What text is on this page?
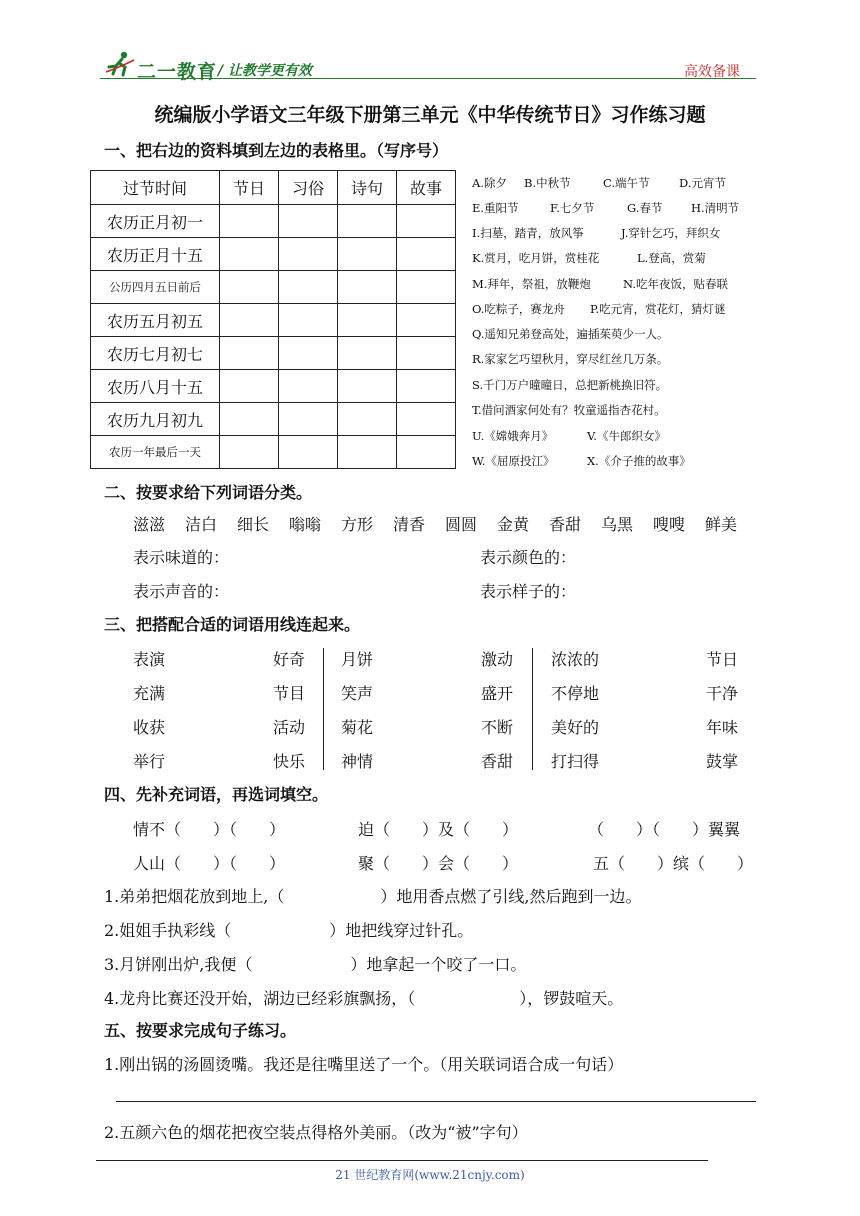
二一教育 / 让教学更有效	高效备课
统编版小学语文三年级下册第三单元《中华传统节日》习作练习题
一、把右边的资料填到左边的表格里。（写序号）
过节时间	节日	习俗	诗句	故事
农历正月初一				
农历正月十五				
公历四月五日前后				
农历五月初五				
农历七月初七				
农历八月十五				
农历九月初九				
农历一年最后一天				
A.除夕 B.中秋节	C.端午节	D.元宵节
E.重阳节	F.七夕节	G.春节 H.清明节
I.扫墓，踏青，放风筝	J.穿针乞巧，拜织女
K.赏月，吃月饼，赏桂花	L.登高，赏菊
M.拜年，祭祖，放鞭炮	N.吃年夜饭，贴春联
O.吃粽子，赛龙舟 P.吃元宵，赏花灯，猜灯谜
Q.遥知兄弟登高处，遍插茱萸少一人。
R.家家乞巧望秋月，穿尽红丝几万条。
S.千门万户曈曈日，总把新桃换旧符。
T.借问酒家何处有？牧童遥指杏花村。
U.《嫦娥奔月》	V.《牛郎织女》
W.《屈原投江》	X.《介子推的故事》
二、按要求给下列词语分类。
滋滋 洁白 细长 嗡嗡 方形 清香 圆圆 金黄 香甜 乌黑 嗖嗖 鲜美
表示味道的：	表示颜色的：
表示声音的：	表示样子的：
三、把搭配合适的词语用线连起来。
表演	好奇
充满	节目
收获	活动
举行	快乐
月饼	激动
笑声	盛开
菊花	不断
神情	香甜
浓浓的	节日
不停地	干净
美好的	年味
打扫得	鼓掌
四、先补充词语，再选词填空。
情不（　　）（　　）	迫（　　）及（　　）	（　　）（　　）翼翼
人山（　　）（　　）	聚（　　）会（　　）	五（　　）缤（　　）
1.弟弟把烟花放到地上,（	）地用香点燃了引线,然后跑到一边。
2.姐姐手执彩线（	）地把线穿过针孔。
3.月饼刚出炉,我便（	）地拿起一个咬了一口。
4.龙舟比赛还没开始，湖边已经彩旗飘扬，（	），锣鼓喧天。
五、按要求完成句子练习。
1.刚出锅的汤圆烫嘴。我还是往嘴里送了一个。（用关联词语合成一句话）
2.五颜六色的烟花把夜空装点得格外美丽。（改为“被”字句）
21 世纪教育网(www.21cnjy.com)
